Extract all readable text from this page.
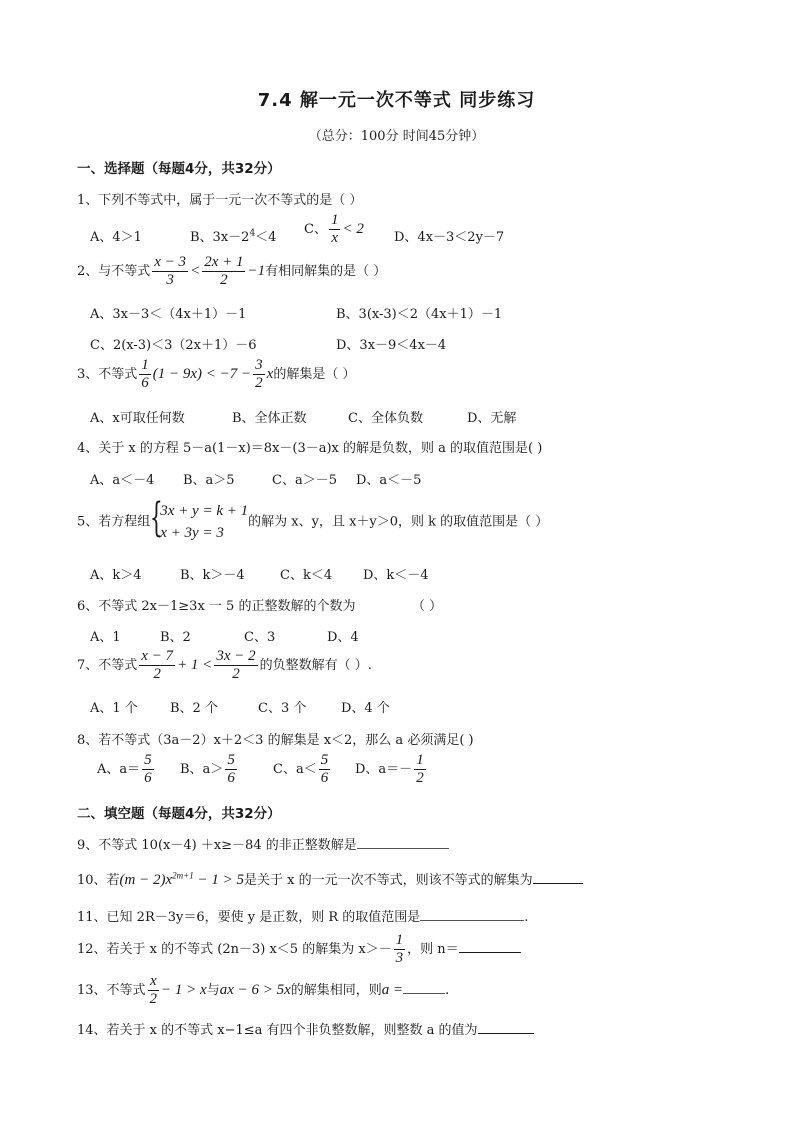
7.4 解一元一次不等式 同步练习
（总分：100分 时间45分钟）
一、选择题（每题4分，共32分）
1、下列不等式中，属于一元一次不等式的是（ ）
A、4＞1	B、$3x-2^4<4$
C、 $\frac{1}{x} < 2$
D、4x－3＜2y－7
2、与不等式 $\frac{x - 3}{3} < \frac{2x + 1}{2} -1$有相同解集的是（ ）
A、3x－3＜（4x＋1）－1	B、3(x-3)＜2（4x＋1）－1
C、2(x-3)＜3（2x＋1）－6	D、3x－9＜4x－4
3、不等式 $\frac{1}{6} (1 - 9x) < -7 - \frac{3}{2}$ x的解集是（ ）
A、x可取任何数	B、全体正数	C、全体负数	D、无解
4、关于 x 的方程 5－a(1－x)＝8x－(3－a)x 的解是负数，则 a 的取值范围是( )
A、a＜－4 B、a＞5	C、a＞－5 D、a＜－5
5、若方程组 {
3x + y = k + 1
x + 3y = 3
的解为 x、y，且 x＋y＞0，则 k 的取值范围是（ ）
A、k＞4	B、k＞－4	C、k＜4 D、k＜－4
6、不等式 2x－1≥3x 一 5 的正整数解的个数为	（ ）
A、1	B、2	C、3	D、4
7、不等式 $\frac{x - 7}{2} + 1 < \frac{3x - 2}{2}$ 的负整数解有（ ）.
A、1 个 B、2 个	C、3 个	D、4 个
8、若不等式（3a－2）x＋2＜3 的解集是 x＜2，那么 a 必须满足( )
A、$a= \frac{5}{6}$ B、$a> \frac{5}{6}$	C、$a< \frac{5}{6}$ D、$a=- \frac{1}{2}$
二、填空题（每题4分，共32分）
9、不等式 10(x－4) ＋x≥－84 的非正整数解是
10、若$(m - 2)x^{2m+1} - 1 > 5$是关于 x 的一元一次不等式，则该不等式的解集为
11、已知 2R－3y＝6，要使 y 是正数，则 R 的取值范围是	.
12、若关于 x 的不等式 (2n－3) x＜5 的解集为 $x>- \frac{1}{3}$ ，则 n＝
13、不等式 $\frac{x}{2} - 1 > x$与ax − 6 > 5x的解集相同，则a =	.
14、若关于 x 的不等式 x−1≤a 有四个非负整数解，则整数 a 的值为
